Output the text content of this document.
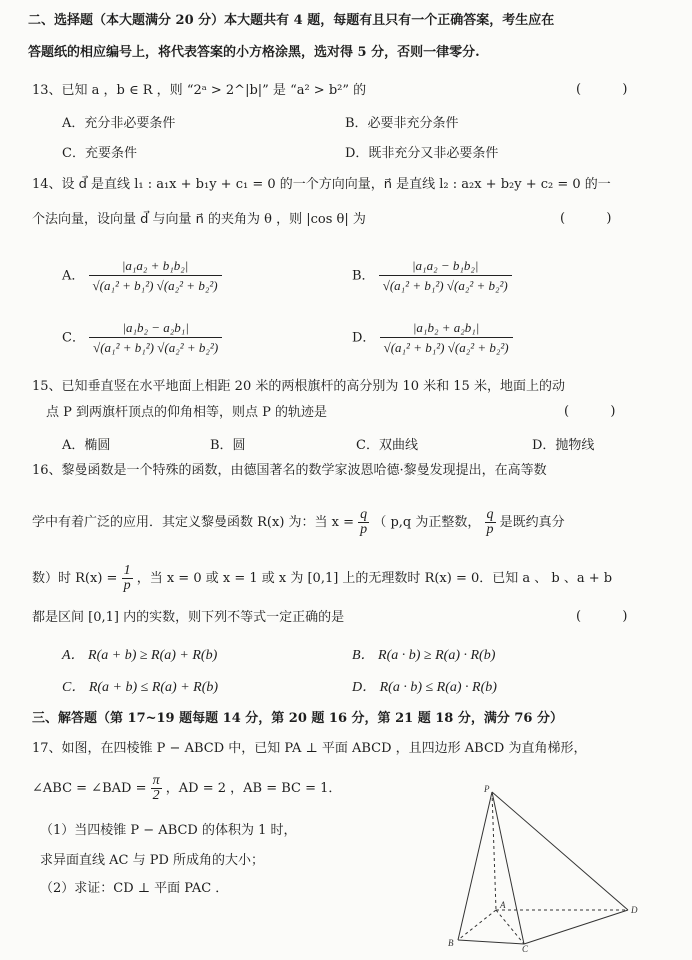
二、选择题（本大题满分 20 分）本大题共有 4 题，每题有且只有一个正确答案，考生应在
答题纸的相应编号上，将代表答案的小方格涂黑，选对得 5 分，否则一律零分.
13、已知 a ，b ∈ R ，则 “2ᵃ > 2^|b|” 是 “a² > b²” 的	(          )
A．充分非必要条件	B．必要非充分条件
C．充要条件	D．既非充分又非必要条件
14、设 d⃗ 是直线 l₁ : a₁x + b₁y + c₁ = 0 的一个方向向量，n⃗ 是直线 l₂ : a₂x + b₂y + c₂ = 0 的一
个法向量，设向量 d⃗ 与向量 n⃗ 的夹角为 θ ，则 |cos θ| 为	(          )
A． $\frac{\text{|a₁a₂ + b₁b₂|}}{\text{√(a₁² + b₁²) √(a₂² + b₂²)}}$	B． $\frac{\text{|a₁a₂ − b₁b₂|}}{\text{√(a₁² + b₁²) √(a₂² + b₂²)}}$
C． $\frac{\text{|a₁b₂ − a₂b₁|}}{\text{√(a₁² + b₁²) √(a₂² + b₂²)}}$	D． $\frac{\text{|a₁b₂ + a₂b₁|}}{\text{√(a₁² + b₁²) √(a₂² + b₂²)}}$
15、已知垂直竖在水平地面上相距 20 米的两根旗杆的高分别为 10 米和 15 米，地面上的动
点 P 到两旗杆顶点的仰角相等，则点 P 的轨迹是	(          )
A．椭圆	B．圆	C．双曲线	D．抛物线
16、黎曼函数是一个特殊的函数，由德国著名的数学家波恩哈德·黎曼发现提出，在高等数
学中有着广泛的应用．其定义黎曼函数 R(x) 为：当 $x = \frac{q}{p}$ （ p,q 为正整数， $\frac{q}{p}$ 是既约真分
数）时 $R(x) = \frac{1}{p}$ ，当 x = 0 或 x = 1 或 x 为 [0,1] 上的无理数时 R(x) = 0．已知 a 、 b 、a + b
都是区间 [0,1] 内的实数，则下列不等式一定正确的是	(          )
A． R(a + b) ≥ R(a) + R(b)	B． R(a · b) ≥ R(a) · R(b)
C． R(a + b) ≤ R(a) + R(b)	D． R(a · b) ≤ R(a) · R(b)
三、解答题（第 17~19 题每题 14 分，第 20 题 16 分，第 21 题 18 分，满分 76 分）
17、如图，在四棱锥 P − ABCD 中，已知 PA ⊥ 平面 ABCD ，且四边形 ABCD 为直角梯形，
∠ABC = ∠BAD = $\frac{\pi}{2}$ ，AD = 2 ，AB = BC = 1．
（1）当四棱锥 P − ABCD 的体积为 1 时，
求异面直线 AC 与 PD 所成角的大小；
（2）求证：CD ⊥ 平面 PAC ．
P
A
B
C
D
